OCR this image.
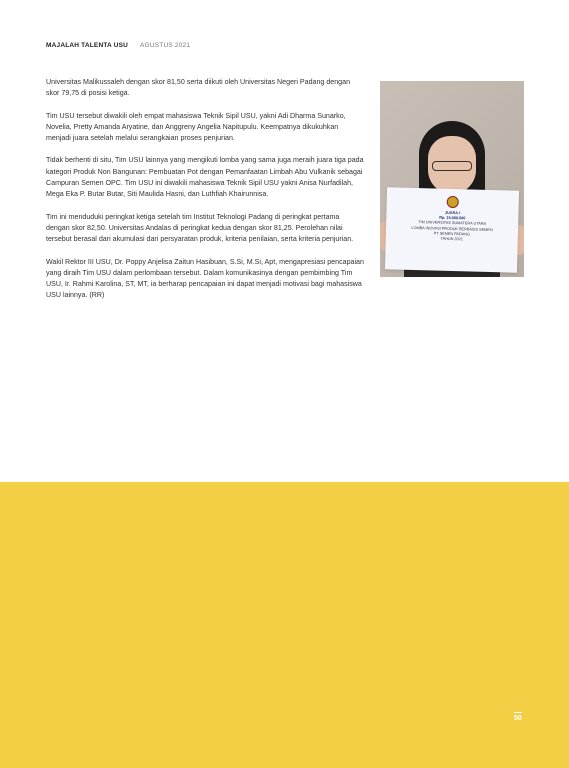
MAJALAH TALENTA USU AGUSTUS 2021

Universitas Malikussaleh dengan skor 81,50 serta diikuti oleh Universitas Negeri Padang dengan skor 79,75 di posisi ketiga.

Tim USU tersebut diwakili oleh empat mahasiswa Teknik Sipil USU, yakni Adi Dharma Sunarko, Novelia, Pretty Amanda Aryatine, dan Anggreny Angelia Napitupulu. Keempatnya dikukuhkan menjadi juara setelah melalui serangkaian proses penjurian.

Tidak berhenti di situ, Tim USU lainnya yang mengikuti lomba yang sama juga meraih juara tiga pada kategori Produk Non Bangunan: Pembuatan Pot dengan Pemanfaatan Limbah Abu Vulkanik sebagai Campuran Semen OPC. Tim USU ini diwakili mahasiswa Teknik Sipil USU yakni Anisa Nurfadilah, Mega Eka P. Butar Butar, Siti Maulida Hasni, dan Luthfiah Khairunnisa.

Tim ini menduduki peringkat ketiga setelah tim Institut Teknologi Padang di peringkat pertama dengan skor 82,50. Universitas Andalas di peringkat kedua dengan skor 81,25. Perolehan nilai tersebut berasal dari akumulasi dari persyaratan produk, kriteria penilaian, serta kriteria penjurian.

Wakil Rektor III USU, Dr. Poppy Anjelisa Zaitun Hasibuan, S.Si, M.Si, Apt, mengapresiasi pencapaian yang diraih Tim USU dalam perlombaan tersebut. Dalam komunikasinya dengan pembimbing Tim USU, Ir. Rahmi Karolina, ST, MT, ia berharap pencapaian ini dapat menjadi motivasi bagi mahasiswa USU lainnya. (RR)

JUARA I
Rp. 15.000.000
TIM UNIVERSITAS SUMATERA UTARA
LOMBA INOVASI PRODUK BERBASIS SEMEN
PT SEMEN PADANG
TAHUN 2021
50
